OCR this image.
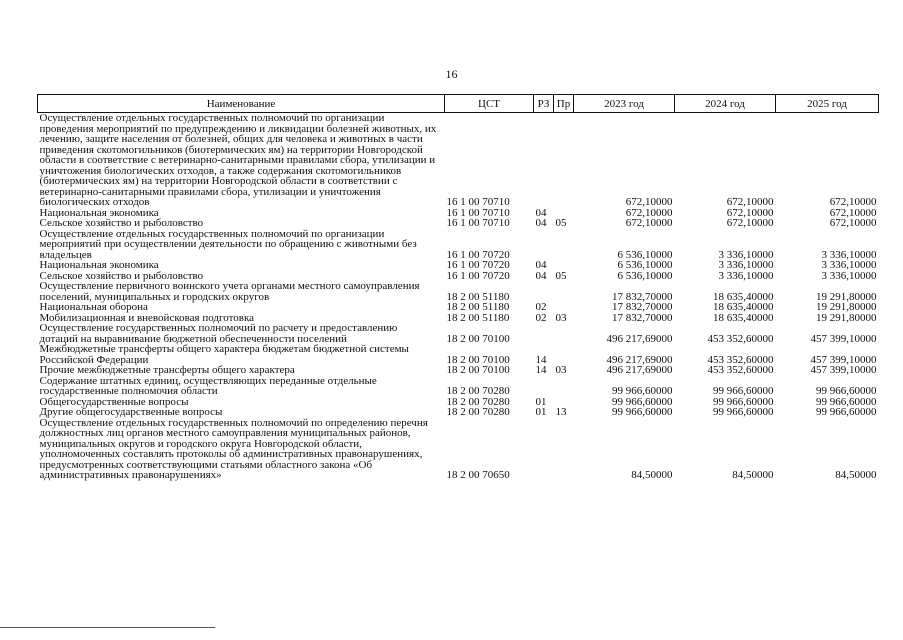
16
Наименование	ЦСТ	РЗ	Пр	2023 год	2024 год	2025 год
Осуществление отдельных государственных полномочий по организации проведения мероприятий по предупреждению и ликвидации болезней животных, их лечению, защите населения от болезней, общих для человека и животных в части приведения скотомогильников (биотермических ям) на территории Новгородской области в соответствие с ветеринарно-санитарными правилами сбора, утилизации и уничтожения биологических отходов, а также содержания скотомогильников (биотермических ям) на территории Новгородской области в соответствии с ветеринарно-санитарными правилами сбора, утилизации и уничтожения биологических отходов	16 1 00 70710			672,10000	672,10000	672,10000
Национальная экономика	16 1 00 70710	04		672,10000	672,10000	672,10000
Сельское хозяйство и рыболовство	16 1 00 70710	04	05	672,10000	672,10000	672,10000
Осуществление отдельных государственных полномочий по организации мероприятий при осуществлении деятельности по обращению с животными без владельцев	16 1 00 70720			6 536,10000	3 336,10000	3 336,10000
Национальная экономика	16 1 00 70720	04		6 536,10000	3 336,10000	3 336,10000
Сельское хозяйство и рыболовство	16 1 00 70720	04	05	6 536,10000	3 336,10000	3 336,10000
Осуществление первичного воинского учета органами местного самоуправления поселений, муниципальных и городских округов	18 2 00 51180			17 832,70000	18 635,40000	19 291,80000
Национальная оборона	18 2 00 51180	02		17 832,70000	18 635,40000	19 291,80000
Мобилизационная и вневойсковая подготовка	18 2 00 51180	02	03	17 832,70000	18 635,40000	19 291,80000
Осуществление государственных полномочий по расчету и предоставлению дотаций на выравнивание бюджетной обеспеченности поселений	18 2 00 70100			496 217,69000	453 352,60000	457 399,10000
Межбюджетные трансферты общего характера бюджетам бюджетной системы Российской Федерации	18 2 00 70100	14		496 217,69000	453 352,60000	457 399,10000
Прочие межбюджетные трансферты общего характера	18 2 00 70100	14	03	496 217,69000	453 352,60000	457 399,10000
Содержание штатных единиц, осуществляющих переданные отдельные государственные полномочия области	18 2 00 70280			99 966,60000	99 966,60000	99 966,60000
Общегосударственные вопросы	18 2 00 70280	01		99 966,60000	99 966,60000	99 966,60000
Другие общегосударственные вопросы	18 2 00 70280	01	13	99 966,60000	99 966,60000	99 966,60000
Осуществление отдельных государственных полномочий по определению перечня должностных лиц органов местного самоуправления муниципальных районов, муниципальных округов и городского округа Новгородской области, уполномоченных составлять протоколы об административных правонарушениях, предусмотренных соответствующими статьями областного закона «Об административных правонарушениях»	18 2 00 70650			84,50000	84,50000	84,50000
